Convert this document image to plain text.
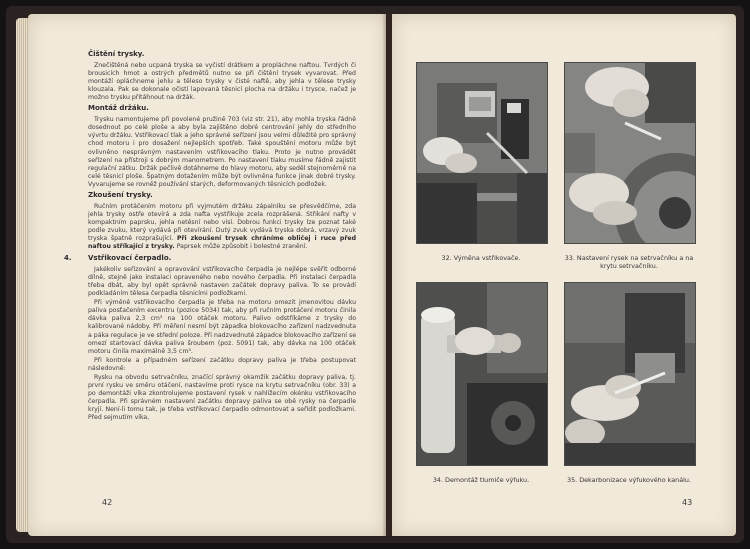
Čištění trysky.

Znečištěná nebo ucpaná tryska se vyčistí drátkem a propláchne naftou. Tvrdých či brousicích hmot a ostrých předmětů nutno se při čištění trysek vyvarovat. Před montáží opláchneme jehlu a těleso trysky v čisté naftě, aby jehla v tělese trysky klouzala. Pak se dokonale očistí lapovaná těsnicí plocha na držáku i trysce, načež je možno trysku přitáhnout na držák.

Montáž držáku.

Trysku namontujeme při povolené pružině 703 (viz str. 21), aby mohla tryska řádně dosednout po celé ploše a aby byla zajištěno dobré centrování jehly do středního vývrtu držáku. Vstřikovací tlak a jeho správné seřízení jsou velmi důležité pro správný chod motoru i pro dosažení nejlepších spotřeb. Také spouštění motoru může být ovlivněno nesprávným nastavením vstřikovacího tlaku. Proto je nutno provádět seřízení na přístroji s dobrým manometrem. Po nastavení tlaku musíme řádně zajistit regulační zátku. Držák pečlivě dotáhneme do hlavy motoru, aby seděl stejnoměrně na celé těsnicí ploše. Špatným dotažením může být ovlivněna funkce jinak dobré trysky. Vyvarujeme se rovněž používání starých, deformovaných těsnicích podložek.

Zkoušení trysky.

Ručním protáčením motoru při vyjmutém držáku zápalníku se přesvědčíme, zda jehla trysky ostře otevírá a zda nafta vystřikuje zcela rozprášená. Střikání nafty v kompaktním paprsku, jehla netěsní nebo visí. Dobrou funkci trysky lze poznat také podle zvuku, který vydává při otevírání. Dutý zvuk vydává tryska dobrá, vrzavý zvuk tryska špatně rozprašující. Při zkoušení trysek chráníme obličej i ruce před naftou stříkající z trysky. Paprsek může způsobit i bolestné zranění.

4. Vstřikovací čerpadlo.

Jakékoliv seřizování a opravování vstřikovacího čerpadla je nejlépe svěřit odborné dílně, stejně jako instalaci opraveného nebo nového čerpadla. Při instalaci čerpadla třeba dbát, aby byl opět správně nastaven začátek dopravy paliva. To se provádí podkladáním tělesa čerpadla těsnicími podložkami.

Při výměně vstřikovacího čerpadla je třeba na motoru omezit jmenovitou dávku paliva posťačením excentru (pozice 5034) tak, aby při ručním protáčení motoru činila dávka paliva 2,3 cm³ na 100 otáček motoru. Palivo odstříkáme z trysky do kalibrované nádoby. Při měření nesmí být západka blokovacího zařízení nadzvednuta a páka regulace je ve střední poloze. Při nadzvednuté západce blokovacího zařízení se omezí startovací dávka paliva šroubem (poz. 5091) tak, aby dávka na 100 otáček motoru činila maximálně 3,5 cm³.

Při kontrole a případném seřízení začátku dopravy paliva je třeba postupovat následovně:

Rysku na obvodu setrvačníku, značící správný okamžik začátku dopravy paliva, tj. první rysku ve směru otáčení, nastavíme proti rysce na krytu setrvačníku (obr. 33) a po demontáži víka zkontrolujeme postavení rysek v nahlížecím okénku vstřikovacího čerpadla. Při správném nastavení začátku dopravy paliva se obě rysky na čerpadle kryjí. Není-li tomu tak, je třeba vstřikovací čerpadlo odmontovat a seřídit podložkami. Před sejmutím víka,

42
32. Výměna vstřikovače.	33. Nastavení rysek na setrvačníku a na krytu setrvačníku.
34. Demontáž tlumiče výfuku.	35. Dekarbonizace výfukového kanálu.
43
